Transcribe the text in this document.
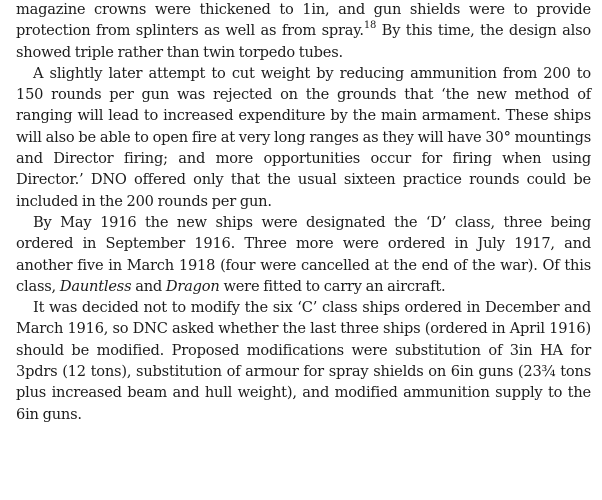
magazine crowns were thickened to 1in, and gun shields were to provide protection from splinters as well as from spray.$^{18}$ By this time, the design also showed triple rather than twin torpedo tubes.

A slightly later attempt to cut weight by reducing ammunition from 200 to 150 rounds per gun was rejected on the grounds that ‘the new method of ranging will lead to increased expenditure by the main armament. These ships will also be able to open fire at very long ranges as they will have 30° mountings and Director firing; and more opportunities occur for firing when using Director.’ DNO offered only that the usual sixteen practice rounds could be included in the 200 rounds per gun.

By May 1916 the new ships were designated the ‘D’ class, three being ordered in September 1916. Three more were ordered in July 1917, and another five in March 1918 (four were cancelled at the end of the war). Of this class, Dauntless and Dragon were fitted to carry an aircraft.

It was decided not to modify the six ‘C’ class ships ordered in December and March 1916, so DNC asked whether the last three ships (ordered in April 1916) should be modified. Proposed modifications were substitution of 3in HA for 3pdrs (12 tons), substitution of armour for spray shields on 6in guns (23¾ tons plus increased beam and hull weight), and modified ammunition supply to the 6in guns.
